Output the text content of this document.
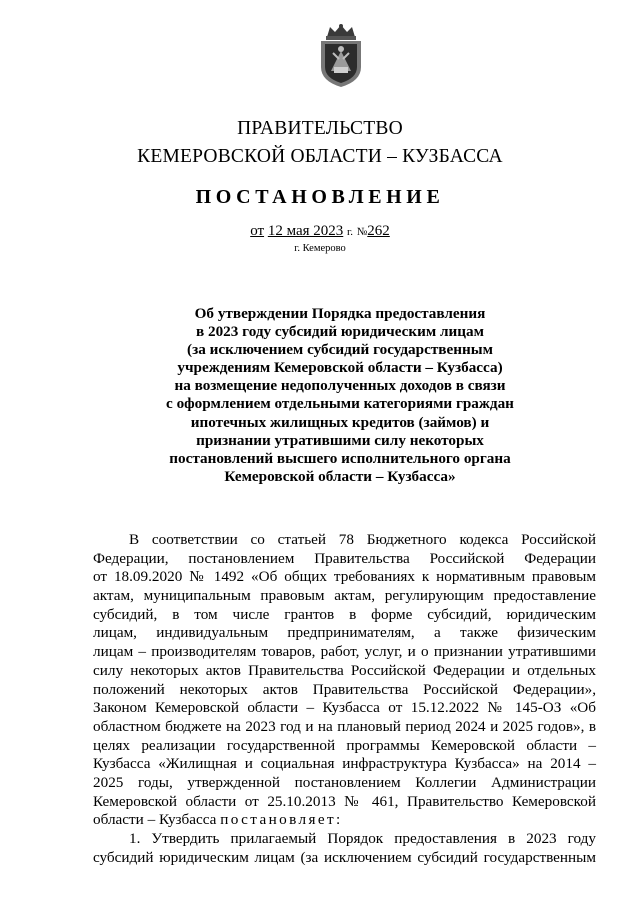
ПРАВИТЕЛЬСТВО
КЕМЕРОВСКОЙ ОБЛАСТИ – КУЗБАССА
ПОСТАНОВЛЕНИЕ
от 12 мая 2023 г. №262
г. Кемерово
Об утверждении Порядка предоставления
в 2023 году субсидий юридическим лицам
(за исключением субсидий государственным
учреждениям Кемеровской области – Кузбасса)
на возмещение недополученных доходов в связи
с оформлением отдельными категориями граждан
ипотечных жилищных кредитов (займов) и
признании утратившими силу некоторых
постановлений высшего исполнительного органа
Кемеровской области – Кузбасса»
В соответствии со статьей 78 Бюджетного кодекса Российской
Федерации, постановлением Правительства Российской Федерации
от 18.09.2020 № 1492 «Об общих требованиях к нормативным правовым
актам, муниципальным правовым актам, регулирующим предоставление
субсидий, в том числе грантов в форме субсидий, юридическим
лицам, индивидуальным предпринимателям, а также физическим
лицам – производителям товаров, работ, услуг, и о признании утратившими
силу некоторых актов Правительства Российской Федерации и отдельных
положений некоторых актов Правительства Российской Федерации»,
Законом Кемеровской области – Кузбасса от 15.12.2022 № 145-ОЗ «Об
областном бюджете на 2023 год и на плановый период 2024 и 2025 годов», в
целях реализации государственной программы Кемеровской области –
Кузбасса «Жилищная и социальная инфраструктура Кузбасса» на 2014 –
2025 годы, утвержденной постановлением Коллегии Администрации
Кемеровской области от 25.10.2013 № 461, Правительство Кемеровской
области – Кузбасса постановляет:
1. Утвердить прилагаемый Порядок предоставления в 2023 году
субсидий юридическим лицам (за исключением субсидий государственным
